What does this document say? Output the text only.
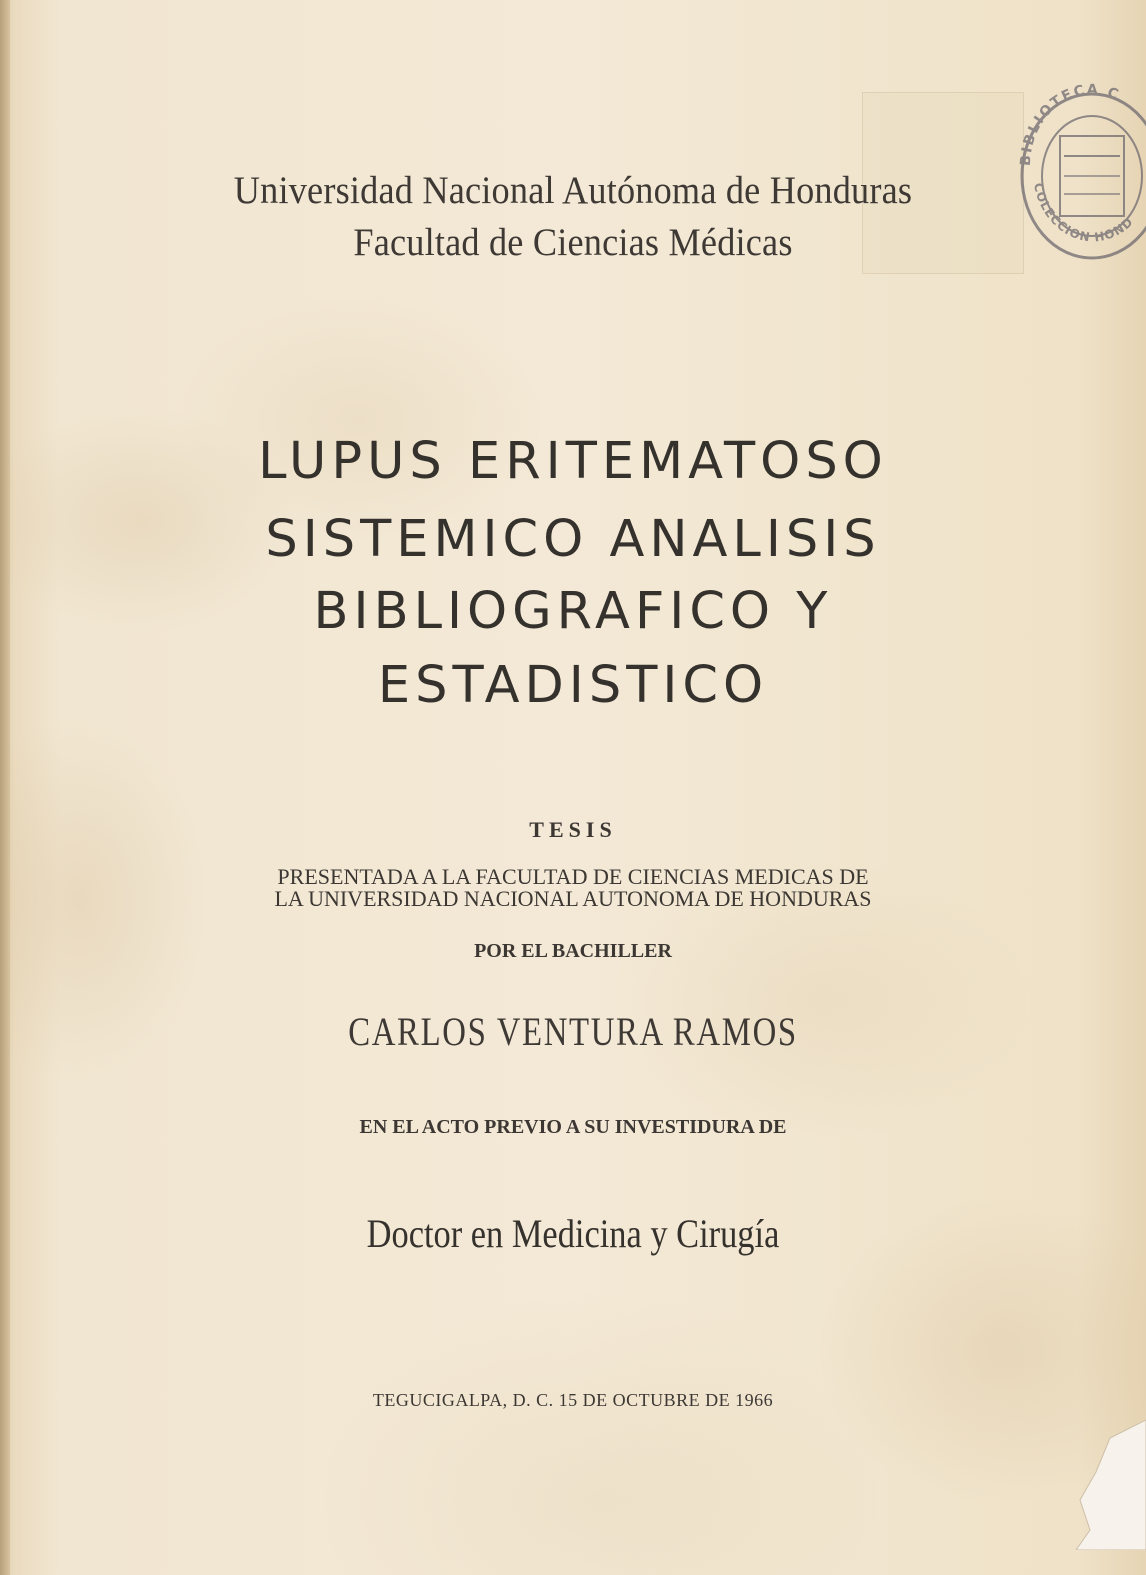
BIBLIOTECA C
COLECCION HOND
Universidad Nacional Autónoma de Honduras
Facultad de Ciencias Médicas
LUPUS ERITEMATOSO
SISTEMICO ANALISIS
BIBLIOGRAFICO Y
ESTADISTICO
TESIS
PRESENTADA A LA FACULTAD DE CIENCIAS MEDICAS DE
LA UNIVERSIDAD NACIONAL AUTONOMA DE HONDURAS
POR EL BACHILLER
CARLOS VENTURA RAMOS
EN EL ACTO PREVIO A SU INVESTIDURA DE
Doctor en Medicina y Cirugía
TEGUCIGALPA, D. C. 15 DE OCTUBRE DE 1966
